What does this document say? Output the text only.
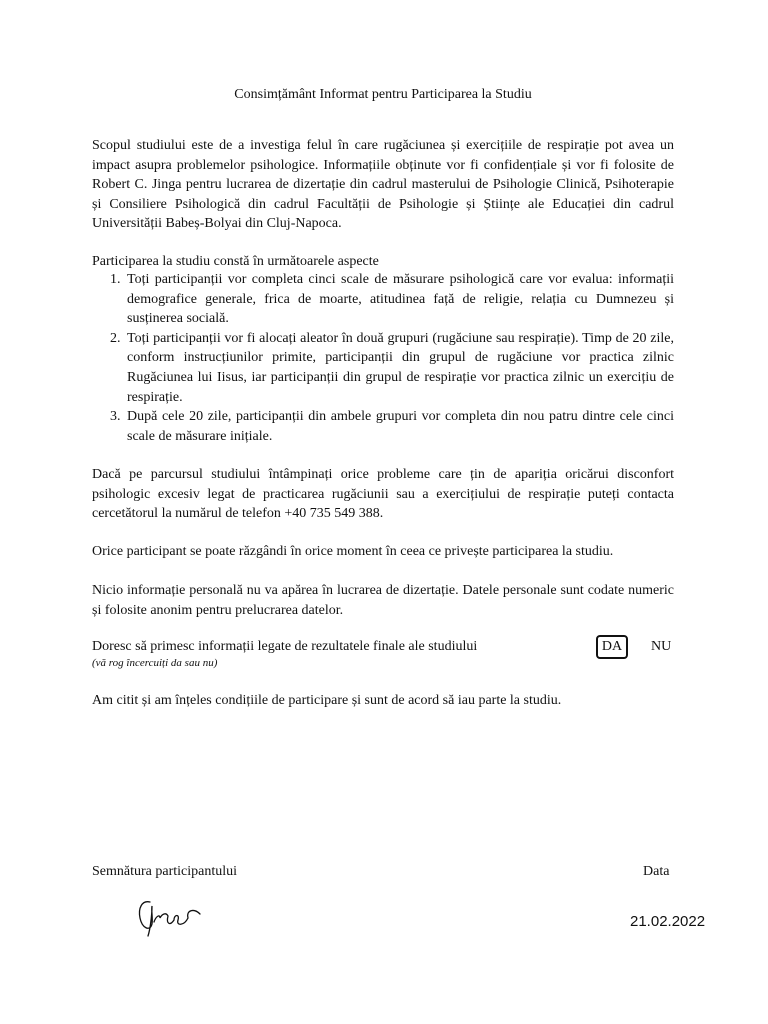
Consimțământ Informat pentru Participarea la Studiu

Scopul studiului este de a investiga felul în care rugăciunea și exercițiile de respirație pot avea un impact asupra problemelor psihologice. Informațiile obținute vor fi confidențiale și vor fi folosite de Robert C. Jinga pentru lucrarea de dizertație din cadrul masterului de Psihologie Clinică, Psihoterapie și Consiliere Psihologică din cadrul Facultății de Psihologie și Științe ale Educației din cadrul Universității Babeș-Bolyai din Cluj-Napoca.

Participarea la studiu constă în următoarele aspecte
1. Toți participanții vor completa cinci scale de măsurare psihologică care vor evalua: informații demografice generale, frica de moarte, atitudinea față de religie, relația cu Dumnezeu și susținerea socială.
2. Toți participanții vor fi alocați aleator în două grupuri (rugăciune sau respirație). Timp de 20 zile, conform instrucțiunilor primite, participanții din grupul de rugăciune vor practica zilnic Rugăciunea lui Iisus, iar participanții din grupul de respirație vor practica zilnic un exercițiu de respirație.
3. După cele 20 zile, participanții din ambele grupuri vor completa din nou patru dintre cele cinci scale de măsurare inițiale.

Dacă pe parcursul studiului întâmpinați orice probleme care țin de apariția oricărui disconfort psihologic excesiv legat de practicarea rugăciunii sau a exercițiului de respirație puteți contacta cercetătorul la numărul de telefon +40 735 549 388.

Orice participant se poate răzgândi în orice moment în ceea ce privește participarea la studiu.

Nicio informație personală nu va apărea în lucrarea de dizertație. Datele personale sunt codate numeric și folosite anonim pentru prelucrarea datelor.

Doresc să primesc informații legate de rezultatele finale ale studiului	DA	NU
(vă rog încercuiți da sau nu)

Am citit și am înțeles condițiile de participare și sunt de acord să iau parte la studiu.

Semnătura participantului	Data
21.02.2022
